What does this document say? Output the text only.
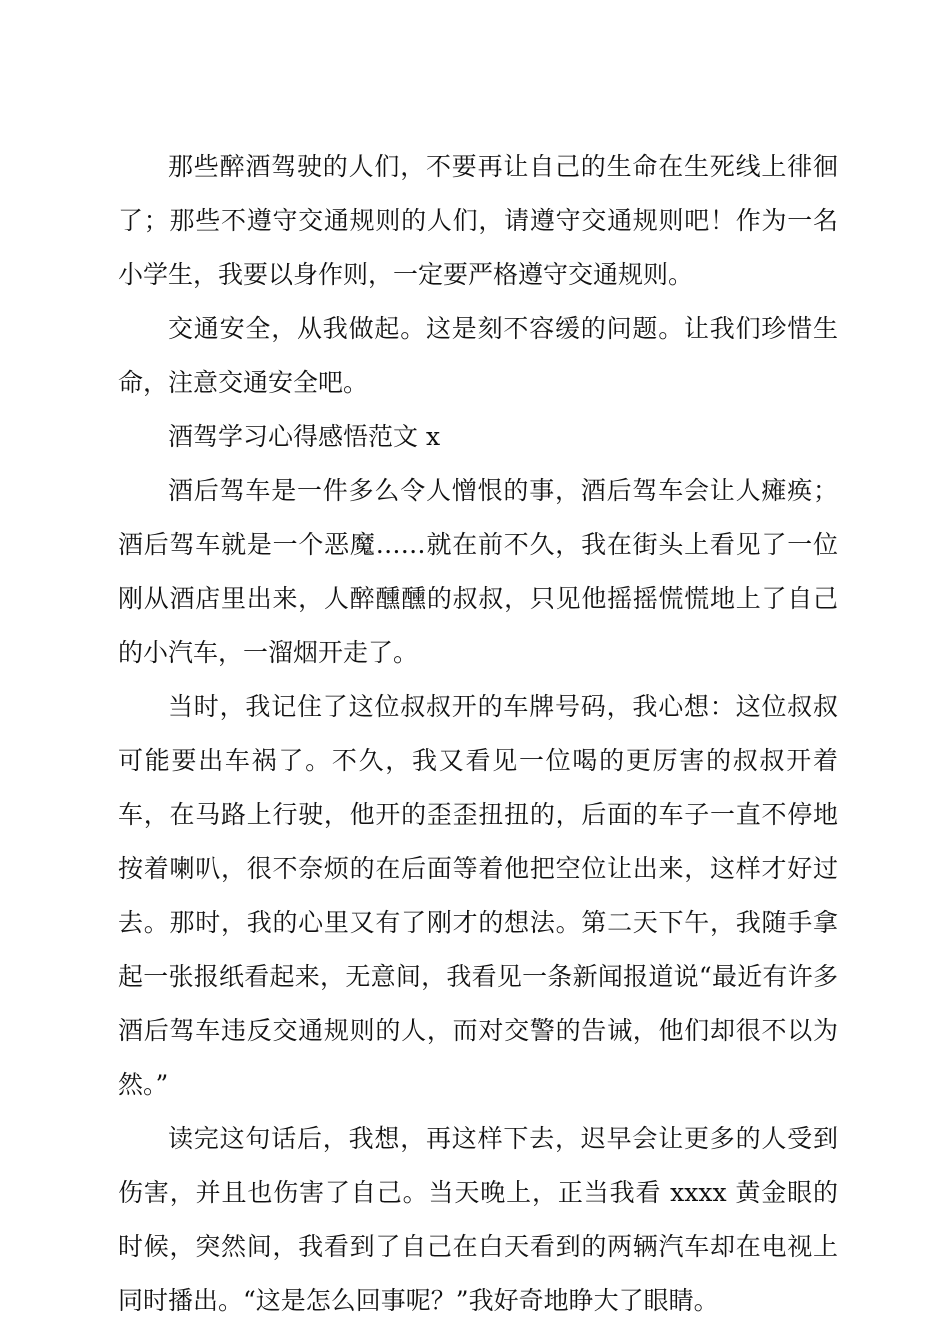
那些醉酒驾驶的人们，不要再让自己的生命在生死线上徘徊了；那些不遵守交通规则的人们，请遵守交通规则吧！作为一名小学生，我要以身作则，一定要严格遵守交通规则。

交通安全，从我做起。这是刻不容缓的问题。让我们珍惜生命，注意交通安全吧。

酒驾学习心得感悟范文 x

酒后驾车是一件多么令人憎恨的事，酒后驾车会让人瘫痪；酒后驾车就是一个恶魔……就在前不久，我在街头上看见了一位刚从酒店里出来，人醉醺醺的叔叔，只见他摇摇慌慌地上了自己的小汽车，一溜烟开走了。

当时，我记住了这位叔叔开的车牌号码，我心想：这位叔叔可能要出车祸了。不久，我又看见一位喝的更厉害的叔叔开着车，在马路上行驶，他开的歪歪扭扭的，后面的车子一直不停地按着喇叭，很不奈烦的在后面等着他把空位让出来，这样才好过去。那时，我的心里又有了刚才的想法。第二天下午，我随手拿起一张报纸看起来，无意间，我看见一条新闻报道说“最近有许多酒后驾车违反交通规则的人，而对交警的告诫，他们却很不以为然。”

读完这句话后，我想，再这样下去，迟早会让更多的人受到伤害，并且也伤害了自己。当天晚上，正当我看 xxxx 黄金眼的时候，突然间，我看到了自己在白天看到的两辆汽车却在电视上同时播出。“这是怎么回事呢？”我好奇地睁大了眼睛。
